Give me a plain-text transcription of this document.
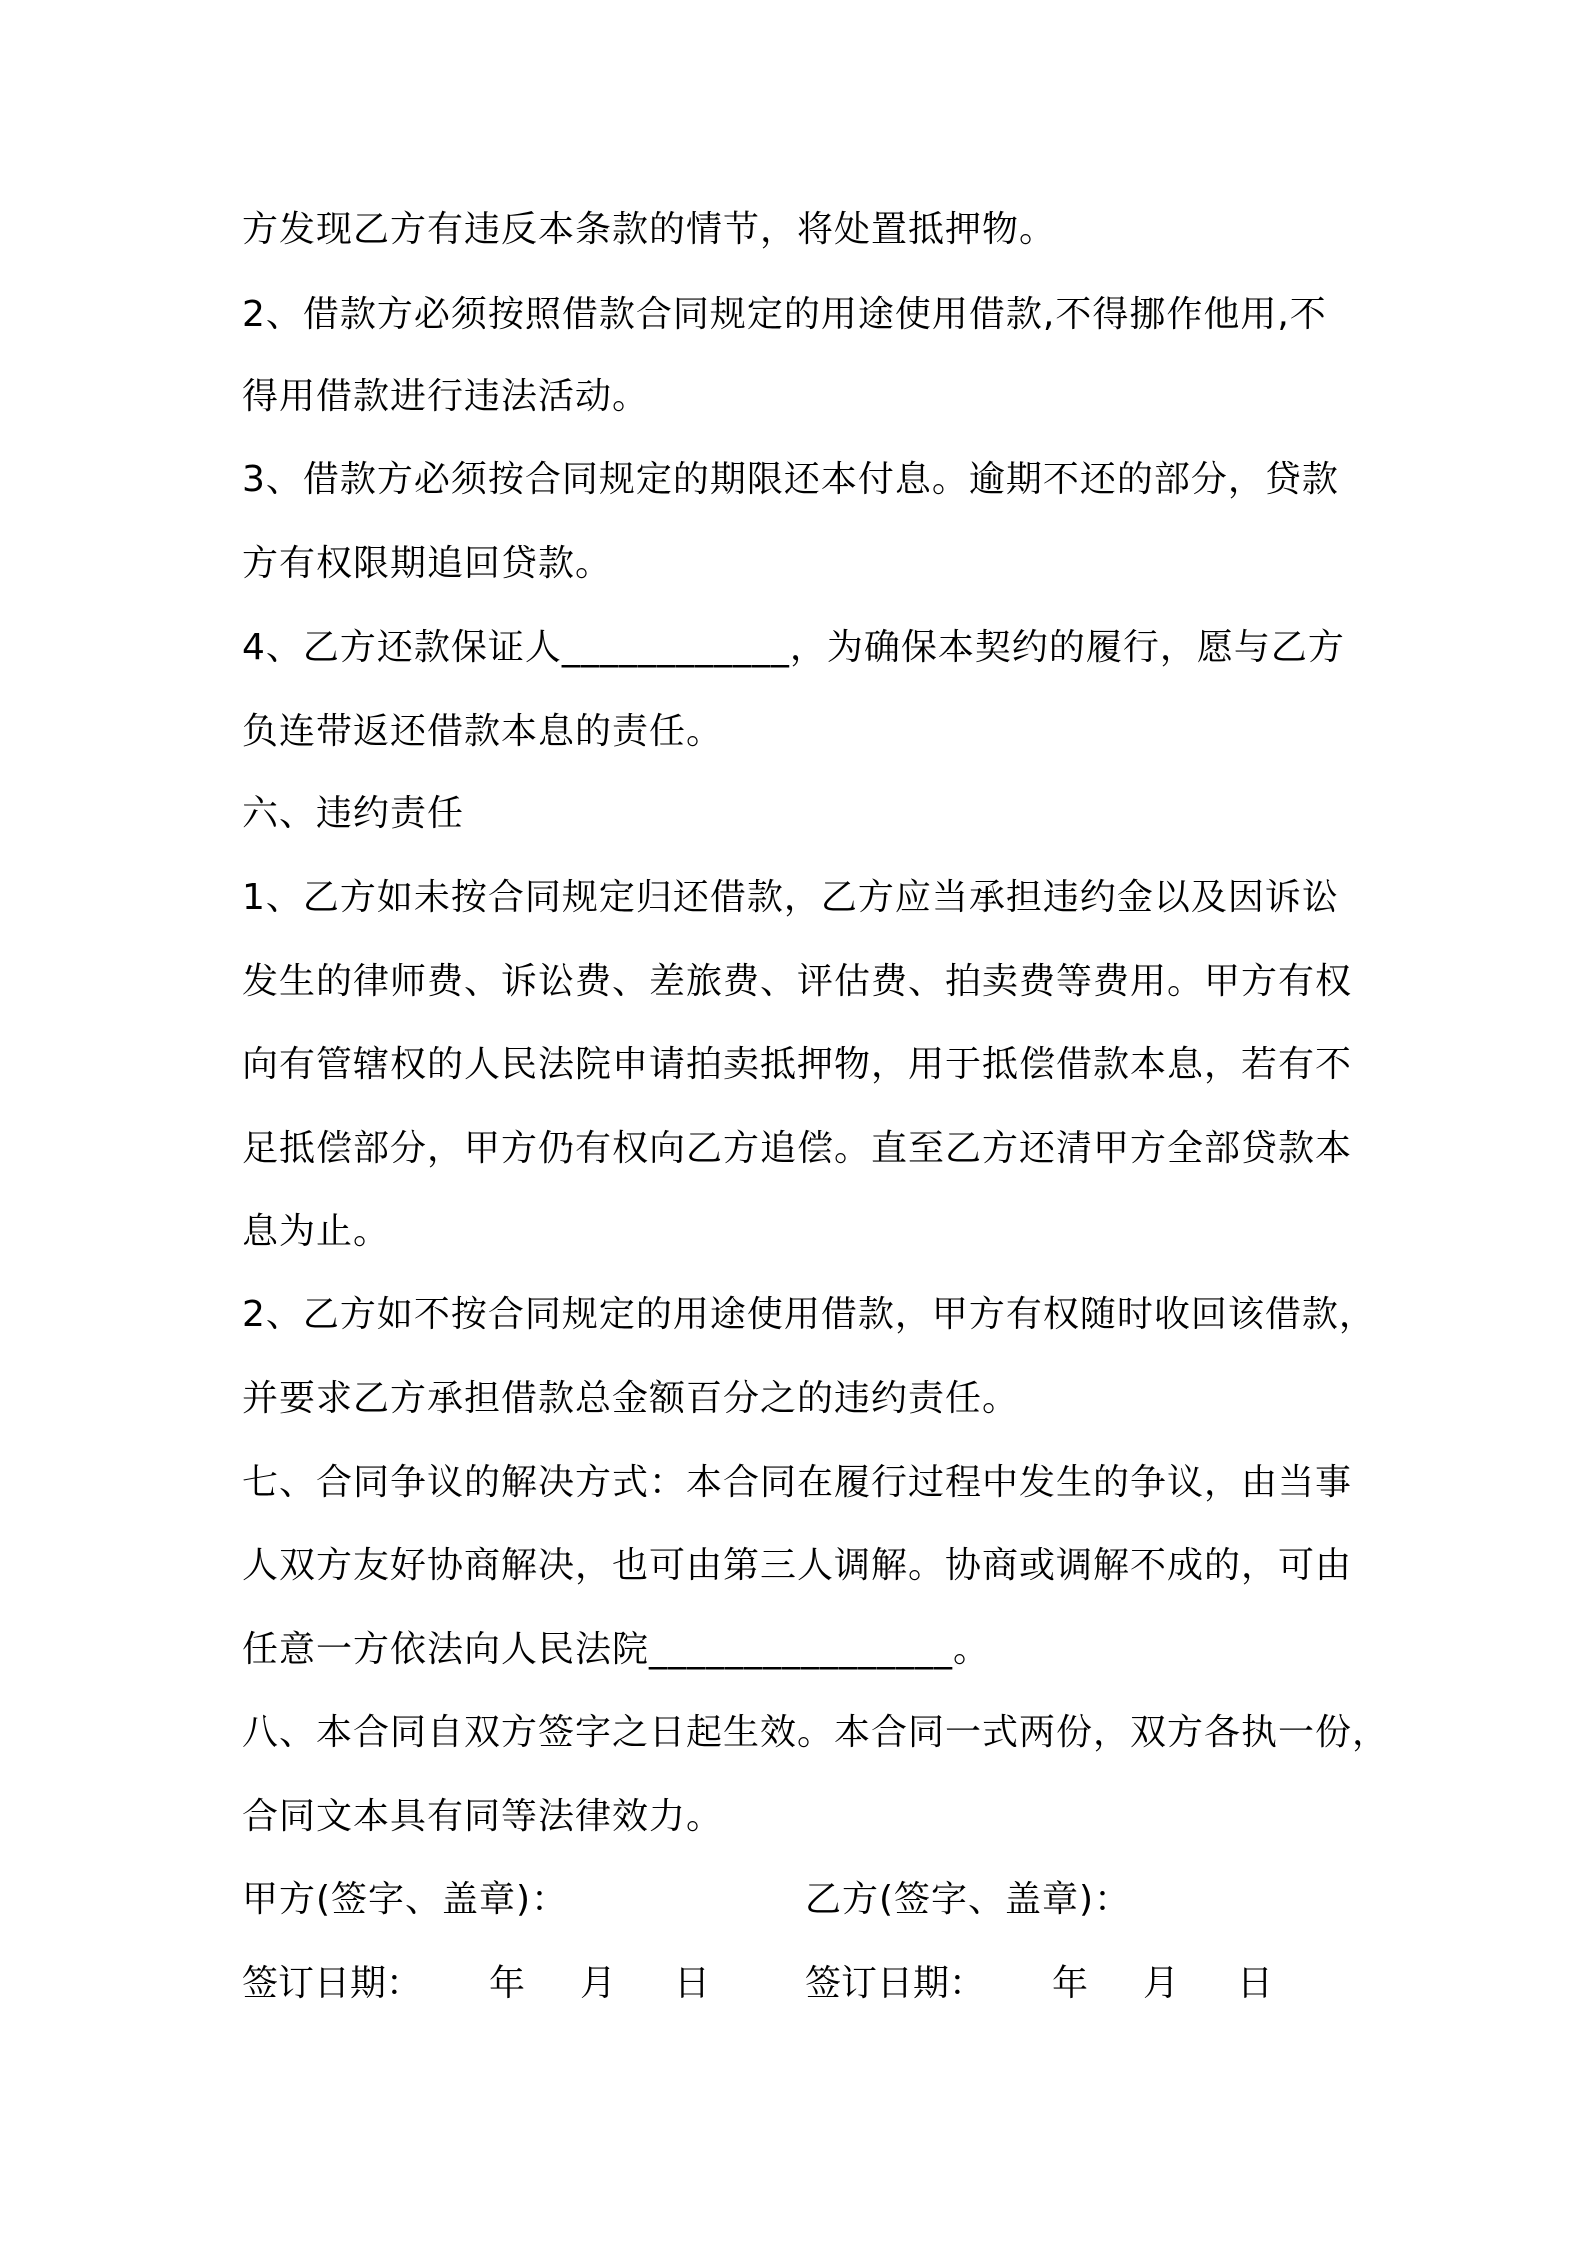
方发现乙方有违反本条款的情节，将处置抵押物。
2、借款方必须按照借款合同规定的用途使用借款,不得挪作他用,不
得用借款进行违法活动。
3、借款方必须按合同规定的期限还本付息。逾期不还的部分，贷款
方有权限期追回贷款。
4、乙方还款保证人____________，为确保本契约的履行，愿与乙方
负连带返还借款本息的责任。
六、违约责任
1、乙方如未按合同规定归还借款，乙方应当承担违约金以及因诉讼
发生的律师费、诉讼费、差旅费、评估费、拍卖费等费用。甲方有权
向有管辖权的人民法院申请拍卖抵押物，用于抵偿借款本息，若有不
足抵偿部分，甲方仍有权向乙方追偿。直至乙方还清甲方全部贷款本
息为止。
2、乙方如不按合同规定的用途使用借款，甲方有权随时收回该借款，
并要求乙方承担借款总金额百分之的违约责任。
七、合同争议的解决方式：本合同在履行过程中发生的争议，由当事
人双方友好协商解决，也可由第三人调解。协商或调解不成的，可由
任意一方依法向人民法院________________。
八、本合同自双方签字之日起生效。本合同一式两份，双方各执一份，
合同文本具有同等法律效力。
甲方(签字、盖章)：	乙方(签字、盖章)：

签订日期：

年

月

日

	签订日期：

年

月

日
